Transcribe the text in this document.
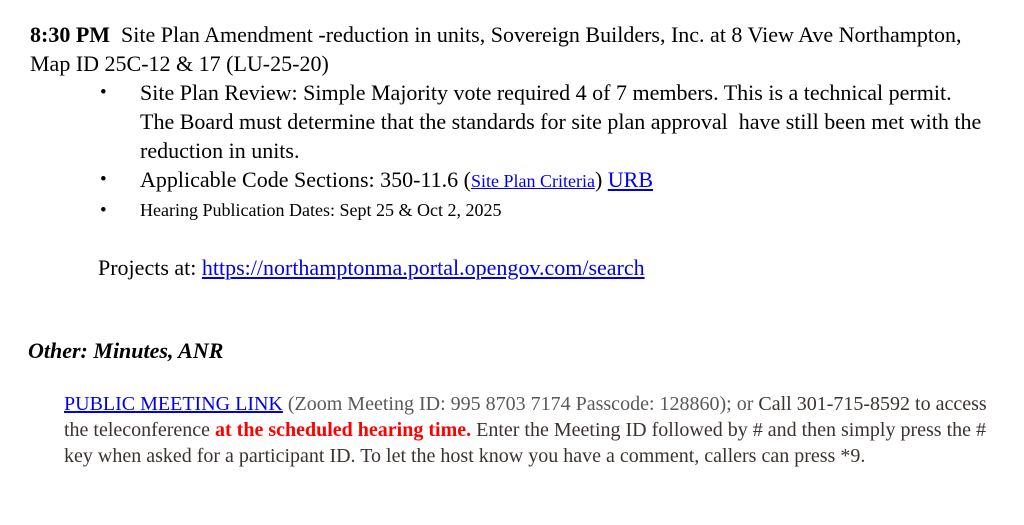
8:30 PM  Site Plan Amendment -reduction in units, Sovereign Builders, Inc. at 8 View Ave Northampton, Map ID 25C-12 & 17 (LU-25-20)
•	Site Plan Review: Simple Majority vote required 4 of 7 members. This is a technical permit. The Board must determine that the standards for site plan approval  have still been met with the reduction in units.
•	Applicable Code Sections: 350-11.6 (Site Plan Criteria) URB
•	Hearing Publication Dates: Sept 25 & Oct 2, 2025
Projects at: https://northamptonma.portal.opengov.com/search
Other: Minutes, ANR
PUBLIC MEETING LINK (Zoom Meeting ID: 995 8703 7174 Passcode: 128860); or Call 301-715-8592 to access the teleconference at the scheduled hearing time. Enter the Meeting ID followed by # and then simply press the # key when asked for a participant ID. To let the host know you have a comment, callers can press *9.
